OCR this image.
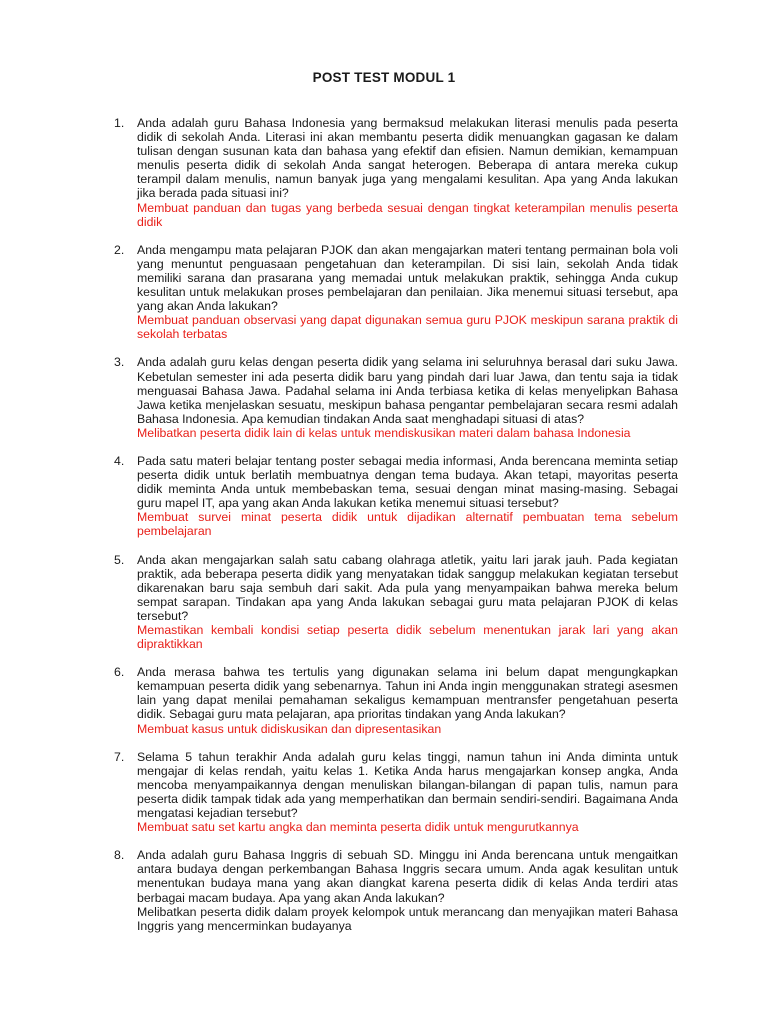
POST TEST MODUL 1
1. Anda adalah guru Bahasa Indonesia yang bermaksud melakukan literasi menulis pada peserta didik di sekolah Anda. Literasi ini akan membantu peserta didik menuangkan gagasan ke dalam tulisan dengan susunan kata dan bahasa yang efektif dan efisien. Namun demikian, kemampuan menulis peserta didik di sekolah Anda sangat heterogen. Beberapa di antara mereka cukup terampil dalam menulis, namun banyak juga yang mengalami kesulitan. Apa yang Anda lakukan jika berada pada situasi ini?
Membuat panduan dan tugas yang berbeda sesuai dengan tingkat keterampilan menulis peserta didik
2. Anda mengampu mata pelajaran PJOK dan akan mengajarkan materi tentang permainan bola voli yang menuntut penguasaan pengetahuan dan keterampilan. Di sisi lain, sekolah Anda tidak memiliki sarana dan prasarana yang memadai untuk melakukan praktik, sehingga Anda cukup kesulitan untuk melakukan proses pembelajaran dan penilaian. Jika menemui situasi tersebut, apa yang akan Anda lakukan?
Membuat panduan observasi yang dapat digunakan semua guru PJOK meskipun sarana praktik di sekolah terbatas
3. Anda adalah guru kelas dengan peserta didik yang selama ini seluruhnya berasal dari suku Jawa. Kebetulan semester ini ada peserta didik baru yang pindah dari luar Jawa, dan tentu saja ia tidak menguasai Bahasa Jawa. Padahal selama ini Anda terbiasa ketika di kelas menyelipkan Bahasa Jawa ketika menjelaskan sesuatu, meskipun bahasa pengantar pembelajaran secara resmi adalah Bahasa Indonesia. Apa kemudian tindakan Anda saat menghadapi situasi di atas?
Melibatkan peserta didik lain di kelas untuk mendiskusikan materi dalam bahasa Indonesia
4. Pada satu materi belajar tentang poster sebagai media informasi, Anda berencana meminta setiap peserta didik untuk berlatih membuatnya dengan tema budaya. Akan tetapi, mayoritas peserta didik meminta Anda untuk membebaskan tema, sesuai dengan minat masing-masing. Sebagai guru mapel IT, apa yang akan Anda lakukan ketika menemui situasi tersebut?
Membuat survei minat peserta didik untuk dijadikan alternatif pembuatan tema sebelum pembelajaran
5. Anda akan mengajarkan salah satu cabang olahraga atletik, yaitu lari jarak jauh. Pada kegiatan praktik, ada beberapa peserta didik yang menyatakan tidak sanggup melakukan kegiatan tersebut dikarenakan baru saja sembuh dari sakit. Ada pula yang menyampaikan bahwa mereka belum sempat sarapan. Tindakan apa yang Anda lakukan sebagai guru mata pelajaran PJOK di kelas tersebut?
Memastikan kembali kondisi setiap peserta didik sebelum menentukan jarak lari yang akan dipraktikkan
6. Anda merasa bahwa tes tertulis yang digunakan selama ini belum dapat mengungkapkan kemampuan peserta didik yang sebenarnya. Tahun ini Anda ingin menggunakan strategi asesmen lain yang dapat menilai pemahaman sekaligus kemampuan mentransfer pengetahuan peserta didik. Sebagai guru mata pelajaran, apa prioritas tindakan yang Anda lakukan?
Membuat kasus untuk didiskusikan dan dipresentasikan
7. Selama 5 tahun terakhir Anda adalah guru kelas tinggi, namun tahun ini Anda diminta untuk mengajar di kelas rendah, yaitu kelas 1. Ketika Anda harus mengajarkan konsep angka, Anda mencoba menyampaikannya dengan menuliskan bilangan-bilangan di papan tulis, namun para peserta didik tampak tidak ada yang memperhatikan dan bermain sendiri-sendiri. Bagaimana Anda mengatasi kejadian tersebut?
Membuat satu set kartu angka dan meminta peserta didik untuk mengurutkannya
8. Anda adalah guru Bahasa Inggris di sebuah SD. Minggu ini Anda berencana untuk mengaitkan antara budaya dengan perkembangan Bahasa Inggris secara umum. Anda agak kesulitan untuk menentukan budaya mana yang akan diangkat karena peserta didik di kelas Anda terdiri atas berbagai macam budaya. Apa yang akan Anda lakukan?
Melibatkan peserta didik dalam proyek kelompok untuk merancang dan menyajikan materi Bahasa Inggris yang mencerminkan budayanya
